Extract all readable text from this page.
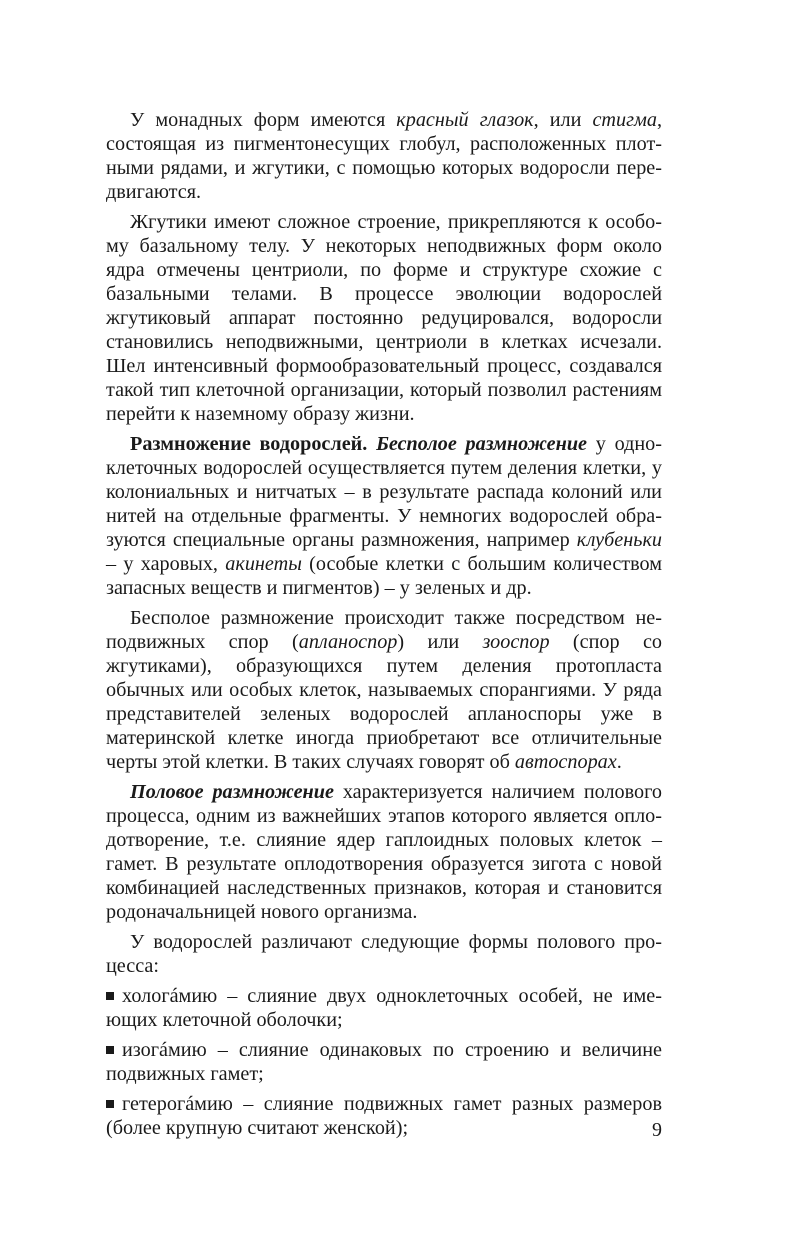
У монадных форм имеются красный глазок, или стигма, состоящая из пигментонесущих глобул, расположенных плотными рядами, и жгутики, с помощью которых водоросли передвигаются.

Жгутики имеют сложное строение, прикрепляются к особому базальному телу. У некоторых неподвижных форм около ядра отмечены центриоли, по форме и структуре схожие с базальными телами. В процессе эволюции водорослей жгутиковый аппарат постоянно редуцировался, водоросли становились неподвижными, центриоли в клетках исчезали. Шел интенсивный формообразовательный процесс, создавался такой тип клеточной организации, который позволил растениям перейти к наземному образу жизни.

Размножение водорослей. Бесполое размножение у одноклеточных водорослей осуществляется путем деления клетки, у колониальных и нитчатых – в результате распада колоний или нитей на отдельные фрагменты. У немногих водорослей образуются специальные органы размножения, например клубеньки – у харовых, акинеты (особые клетки с большим количеством запасных веществ и пигментов) – у зеленых и др.

Бесполое размножение происходит также посредством неподвижных спор (апланоспор) или зооспор (спор со жгутиками), образующихся путем деления протопласта обычных или особых клеток, называемых спорангиями. У ряда представителей зеленых водорослей апланоспоры уже в материнской клетке иногда приобретают все отличительные черты этой клетки. В таких случаях говорят об автоспорах.

Половое размножение характеризуется наличием полового процесса, одним из важнейших этапов которого является оплодотворение, т.е. слияние ядер гаплоидных половых клеток – гамет. В результате оплодотворения образуется зигота с новой комбинацией наследственных признаков, которая и становится родоначальницей нового организма.

У водорослей различают следующие формы полового процесса:

хологáмию – слияние двух одноклеточных особей, не имеющих клеточной оболочки;

изогáмию – слияние одинаковых по строению и величине подвижных гамет;

гетерогáмию – слияние подвижных гамет разных размеров (более крупную считают женской);	9
